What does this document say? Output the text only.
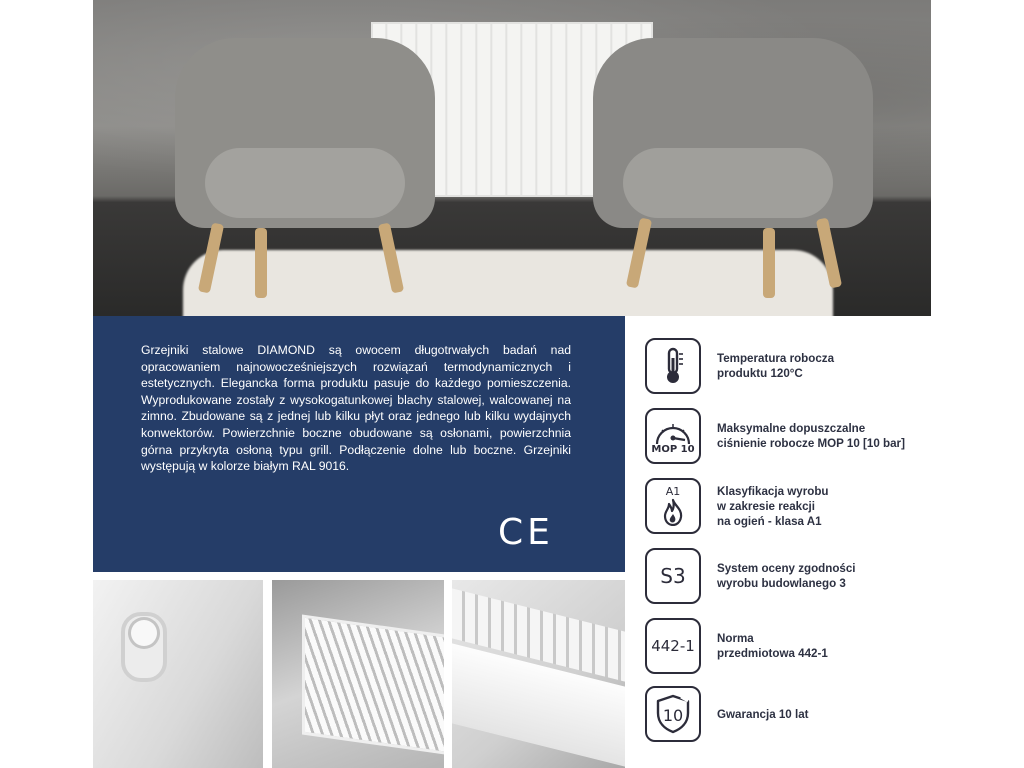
Grzejniki stalowe DIAMOND są owocem długotrwałych badań nad opracowaniem najnowocześniejszych rozwiązań termodynamicznych i estetycznych. Elegancka forma produktu pasuje do każdego pomieszczenia. Wyprodukowane zostały z wysokogatunkowej blachy stalowej, walcowanej na zimno. Zbudowane są z jednej lub kilku płyt oraz jednego lub kilku wydajnych konwektorów. Powierzchnie boczne obudowane są osłonami, powierzchnia górna przykryta osłoną typu grill. Podłączenie dolne lub boczne. Grzejniki występują w kolorze białym RAL 9016.

CE
Temperatura robocza
produktu 120°C
MOP 10
Maksymalne dopuszczalne
ciśnienie robocze MOP 10 [10 bar]
A1	Klasyfikacja wyrobu
w zakresie reakcji
na ogień - klasa A1
S3	System oceny zgodności
wyrobu budowlanego 3
442-1 Norma
przedmiotowa 442-1
10	Gwarancja 10 lat
